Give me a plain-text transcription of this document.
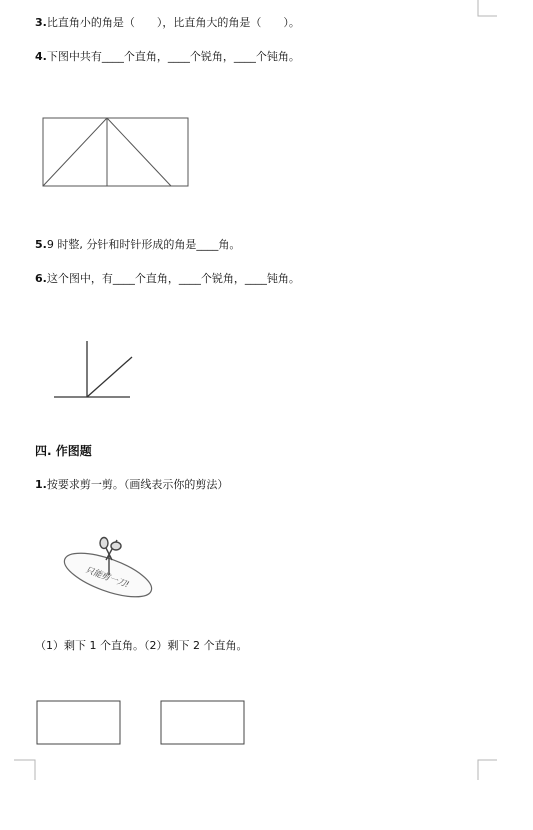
3.比直角小的角是（　　），比直角大的角是（　　）。
4.下图中共有____个直角，____个锐角，____个钝角。
5.9 时整, 分针和时针形成的角是____角。
6.这个图中，有____个直角，____个锐角，____钝角。
四. 作图题
1.按要求剪一剪。（画线表示你的剪法）
只能剪一刀!
（1）剩下 1 个直角。（2）剩下 2 个直角。
